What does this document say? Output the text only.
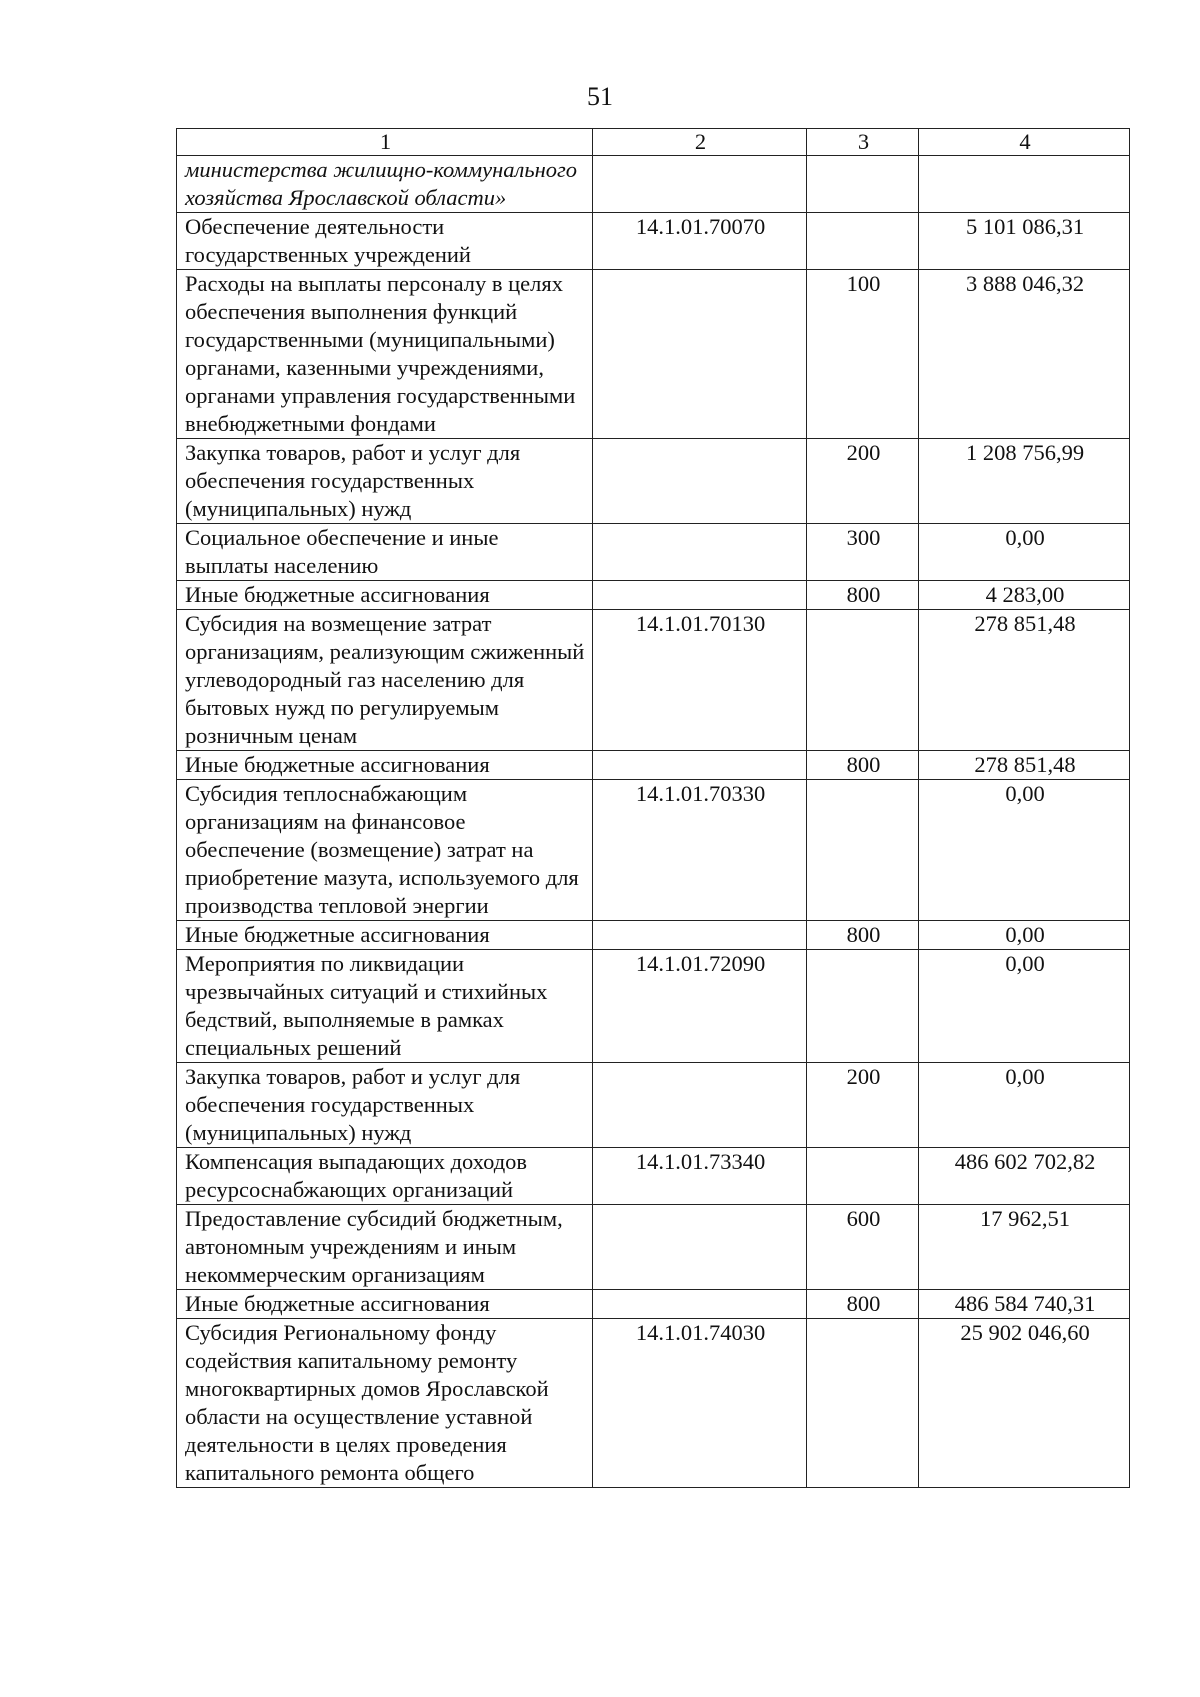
51
1	2	3	4
министерства жилищно-коммунального хозяйства Ярославской области»			
Обеспечение деятельности государственных учреждений	14.1.01.70070		5 101 086,31
Расходы на выплаты персоналу в целях обеспечения выполнения функций государственными (муниципальными) органами, казенными учреждениями, органами управления государственными внебюджетными фондами		100	3 888 046,32
Закупка товаров, работ и услуг для обеспечения государственных (муниципальных) нужд		200	1 208 756,99
Социальное обеспечение и иные выплаты населению		300	0,00
Иные бюджетные ассигнования		800	4 283,00
Субсидия на возмещение затрат организациям, реализующим сжиженный углеводородный газ населению для бытовых нужд по регулируемым розничным ценам	14.1.01.70130		278 851,48
Иные бюджетные ассигнования		800	278 851,48
Субсидия теплоснабжающим организациям на финансовое обеспечение (возмещение) затрат на приобретение мазута, используемого для производства тепловой энергии	14.1.01.70330		0,00
Иные бюджетные ассигнования		800	0,00
Мероприятия по ликвидации чрезвычайных ситуаций и стихийных бедствий, выполняемые в рамках специальных решений	14.1.01.72090		0,00
Закупка товаров, работ и услуг для обеспечения государственных (муниципальных) нужд		200	0,00
Компенсация выпадающих доходов ресурсоснабжающих организаций	14.1.01.73340		486 602 702,82
Предоставление субсидий бюджетным, автономным учреждениям и иным некоммерческим организациям		600	17 962,51
Иные бюджетные ассигнования		800	486 584 740,31
Субсидия Региональному фонду содействия капитальному ремонту многоквартирных домов Ярославской области на осуществление уставной деятельности в целях проведения капитального ремонта общего	14.1.01.74030		25 902 046,60
